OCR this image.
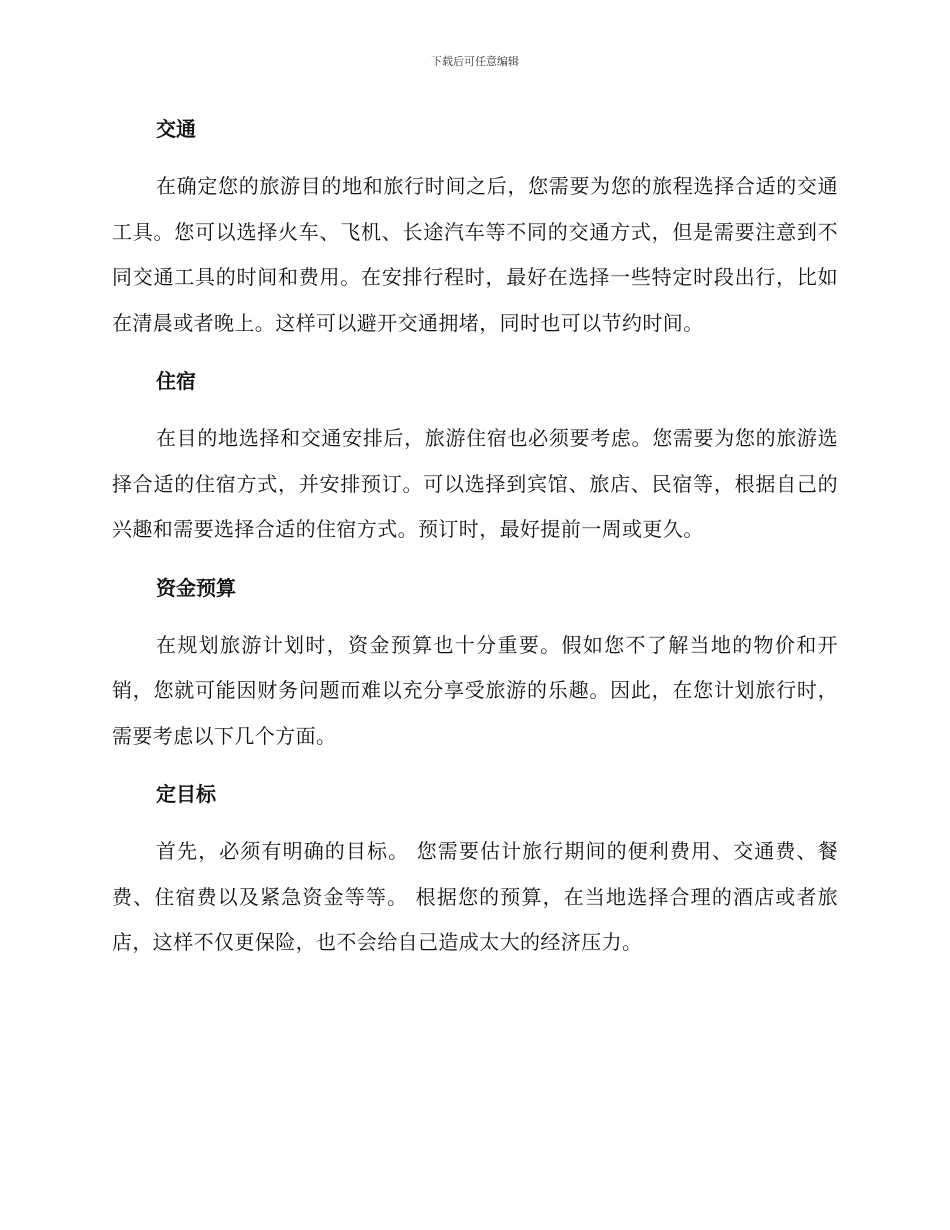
下载后可任意编辑
交通

在确定您的旅游目的地和旅行时间之后，您需要为您的旅程选择合适的交通工具。您可以选择火车、飞机、长途汽车等不同的交通方式，但是需要注意到不同交通工具的时间和费用。在安排行程时，最好在选择一些特定时段出行，比如在清晨或者晚上。这样可以避开交通拥堵，同时也可以节约时间。

住宿

在目的地选择和交通安排后，旅游住宿也必须要考虑。您需要为您的旅游选择合适的住宿方式，并安排预订。可以选择到宾馆、旅店、民宿等，根据自己的兴趣和需要选择合适的住宿方式。预订时，最好提前一周或更久。

资金预算

在规划旅游计划时，资金预算也十分重要。假如您不了解当地的物价和开销，您就可能因财务问题而难以充分享受旅游的乐趣。因此，在您计划旅行时，需要考虑以下几个方面。

定目标

首先，必须有明确的目标。 您需要估计旅行期间的便利费用、交通费、餐费、住宿费以及紧急资金等等。 根据您的预算，在当地选择合理的酒店或者旅店，这样不仅更保险，也不会给自己造成太大的经济压力。
